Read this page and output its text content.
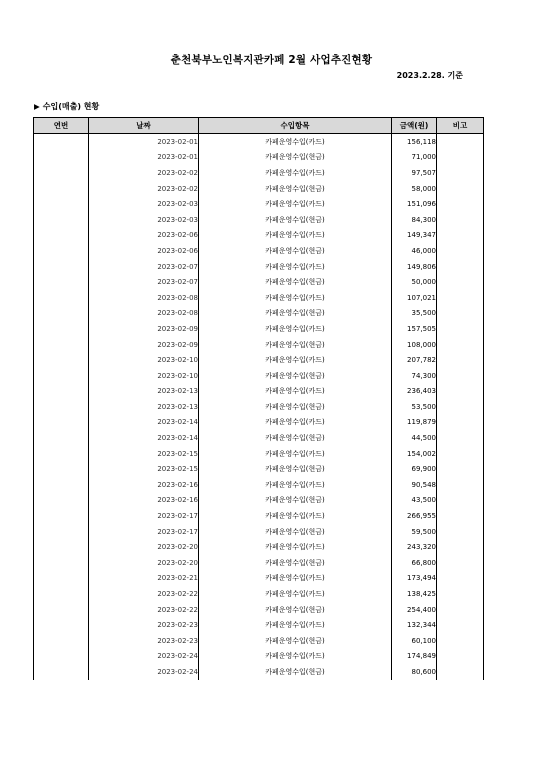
춘천북부노인복지관카페 2월 사업추진현황
2023.2.28. 기준
▶ 수입(매출) 현황
연번	날짜	수입항목	금액(원)	비고
	2023-02-01	카페운영수입(카드)	156,118	
	2023-02-01	카페운영수입(현금)	71,000	
	2023-02-02	카페운영수입(카드)	97,507	
	2023-02-02	카페운영수입(현금)	58,000	
	2023-02-03	카페운영수입(카드)	151,096	
	2023-02-03	카페운영수입(현금)	84,300	
	2023-02-06	카페운영수입(카드)	149,347	
	2023-02-06	카페운영수입(현금)	46,000	
	2023-02-07	카페운영수입(카드)	149,806	
	2023-02-07	카페운영수입(현금)	50,000	
	2023-02-08	카페운영수입(카드)	107,021	
	2023-02-08	카페운영수입(현금)	35,500	
	2023-02-09	카페운영수입(카드)	157,505	
	2023-02-09	카페운영수입(현금)	108,000	
	2023-02-10	카페운영수입(카드)	207,782	
	2023-02-10	카페운영수입(현금)	74,300	
	2023-02-13	카페운영수입(카드)	236,403	
	2023-02-13	카페운영수입(현금)	53,500	
	2023-02-14	카페운영수입(카드)	119,879	
	2023-02-14	카페운영수입(현금)	44,500	
	2023-02-15	카페운영수입(카드)	154,002	
	2023-02-15	카페운영수입(현금)	69,900	
	2023-02-16	카페운영수입(카드)	90,548	
	2023-02-16	카페운영수입(현금)	43,500	
	2023-02-17	카페운영수입(카드)	266,955	
	2023-02-17	카페운영수입(현금)	59,500	
	2023-02-20	카페운영수입(카드)	243,320	
	2023-02-20	카페운영수입(현금)	66,800	
	2023-02-21	카페운영수입(카드)	173,494	
	2023-02-22	카페운영수입(카드)	138,425	
	2023-02-22	카페운영수입(현금)	254,400	
	2023-02-23	카페운영수입(카드)	132,344	
	2023-02-23	카페운영수입(현금)	60,100	
	2023-02-24	카페운영수입(카드)	174,849	
	2023-02-24	카페운영수입(현금)	80,600	
